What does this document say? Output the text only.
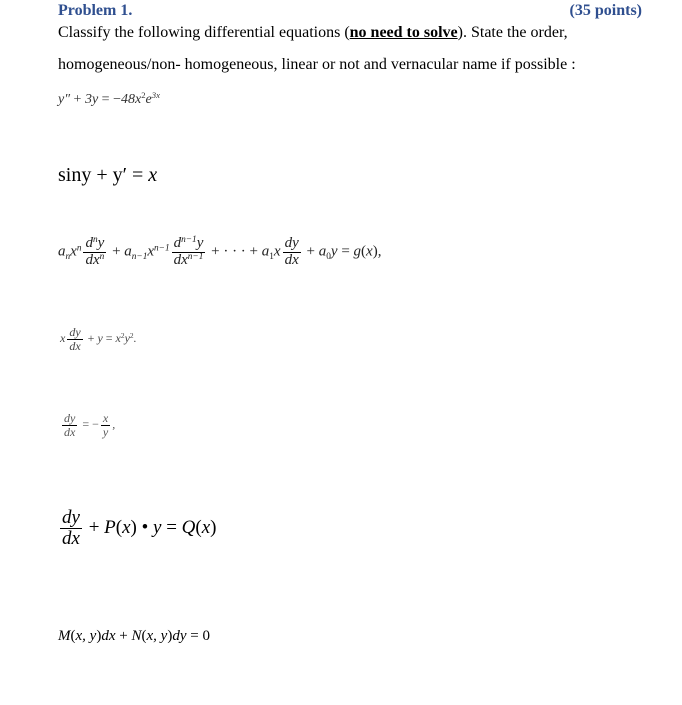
Problem 1.	(35 points)
Classify the following differential equations (no need to solve). State the order,
homogeneous/non- homogeneous, linear or not and vernacular name if possible :
$y'' + 3y = -48x^2e^{3x}$
siny + y′ = x
$a_nx^n \frac{d^ny}{dx^n} + a_{n-1}x^{n-1} \frac{d^{n-1}y}{dx^{n-1}}$ + · · · + $a_1x \frac{dy}{dx} + a_0y = g(x)$,
x $\frac{dy}{dx} + y = x^2y^2$.
$\frac{dy}{dx}$ = − $\frac{x}{y}$ ,
$\frac{dy}{dx} + P(x)$ • y = Q(x)
M(x, y)dx + N(x, y)dy = 0
